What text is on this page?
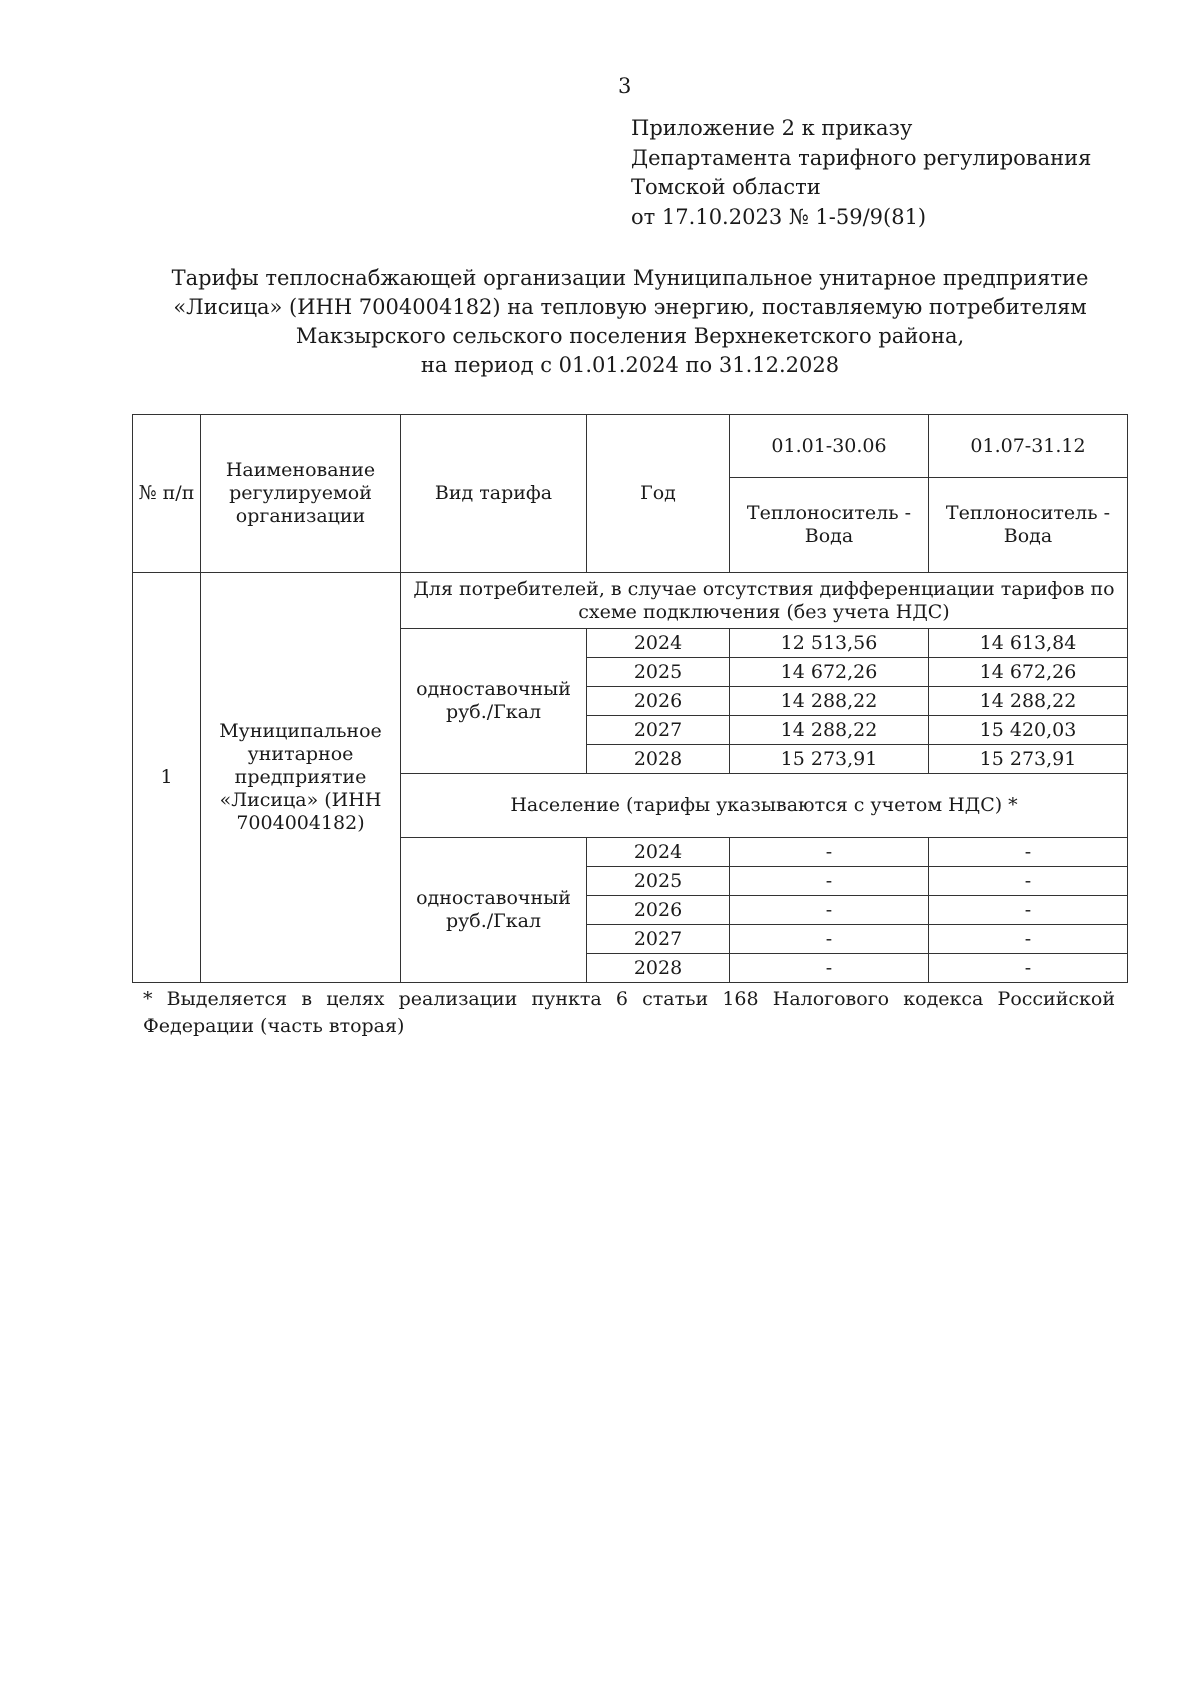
3
Приложение 2 к приказу
Департамента тарифного регулирования
Томской области
от 17.10.2023 № 1-59/9(81)
Тарифы теплоснабжающей организации Муниципальное унитарное предприятие
«Лисица» (ИНН 7004004182) на тепловую энергию, поставляемую потребителям
Макзырского сельского поселения Верхнекетского района,
на период с 01.01.2024 по 31.12.2028
№ п/п	Наименование регулируемой организации	Вид тарифа	Год	01.01-30.06	01.07-31.12
				Теплоноситель - Вода	Теплоноситель - Вода
1	Муниципальное унитарное предприятие «Лисица» (ИНН 7004004182)	Для потребителей, в случае отсутствия дифференциации тарифов по схеме подключения (без учета НДС)			
		одноставочный руб./Гкал	2024	12 513,56	14 613,84
			2025	14 672,26	14 672,26
			2026	14 288,22	14 288,22
			2027	14 288,22	15 420,03
			2028	15 273,91	15 273,91
		Население (тарифы указываются с учетом НДС) *			
		одноставочный руб./Гкал	2024	-	-
			2025	-	-
			2026	-	-
			2027	-	-
			2028	-	-
* Выделяется в целях реализации пункта 6 статьи 168 Налогового кодекса Российской Федерации (часть вторая)
